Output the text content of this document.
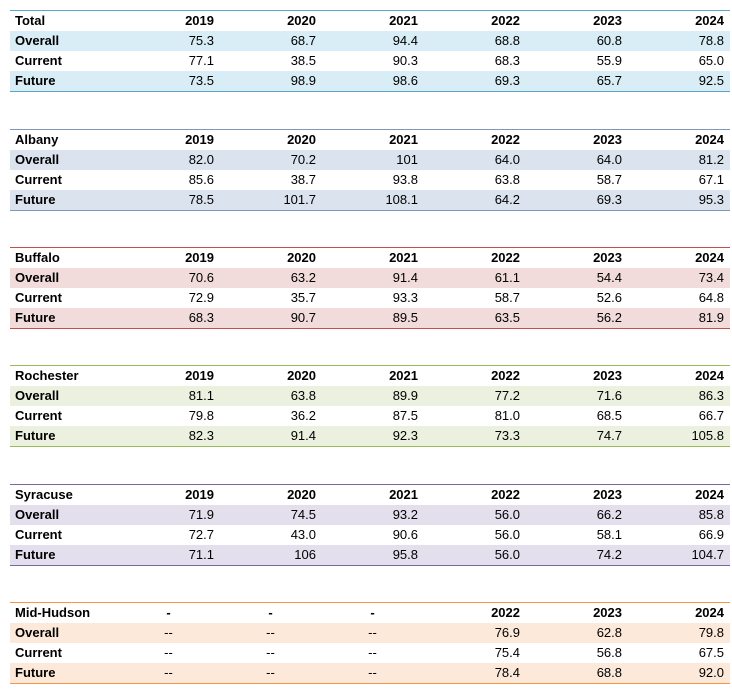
Total	2019	2020	2021	2022	2023	2024
Overall	75.3	68.7	94.4	68.8	60.8	78.8
Current	77.1	38.5	90.3	68.3	55.9	65.0
Future	73.5	98.9	98.6	69.3	65.7	92.5
Albany	2019	2020	2021	2022	2023	2024
Overall	82.0	70.2	101	64.0	64.0	81.2
Current	85.6	38.7	93.8	63.8	58.7	67.1
Future	78.5	101.7	108.1	64.2	69.3	95.3
Buffalo	2019	2020	2021	2022	2023	2024
Overall	70.6	63.2	91.4	61.1	54.4	73.4
Current	72.9	35.7	93.3	58.7	52.6	64.8
Future	68.3	90.7	89.5	63.5	56.2	81.9
Rochester	2019	2020	2021	2022	2023	2024
Overall	81.1	63.8	89.9	77.2	71.6	86.3
Current	79.8	36.2	87.5	81.0	68.5	66.7
Future	82.3	91.4	92.3	73.3	74.7	105.8
Syracuse	2019	2020	2021	2022	2023	2024
Overall	71.9	74.5	93.2	56.0	66.2	85.8
Current	72.7	43.0	90.6	56.0	58.1	66.9
Future	71.1	106	95.8	56.0	74.2	104.7
Mid-Hudson	-	-	-	2022	2023	2024
Overall	--	--	--	76.9	62.8	79.8
Current	--	--	--	75.4	56.8	67.5
Future	--	--	--	78.4	68.8	92.0
